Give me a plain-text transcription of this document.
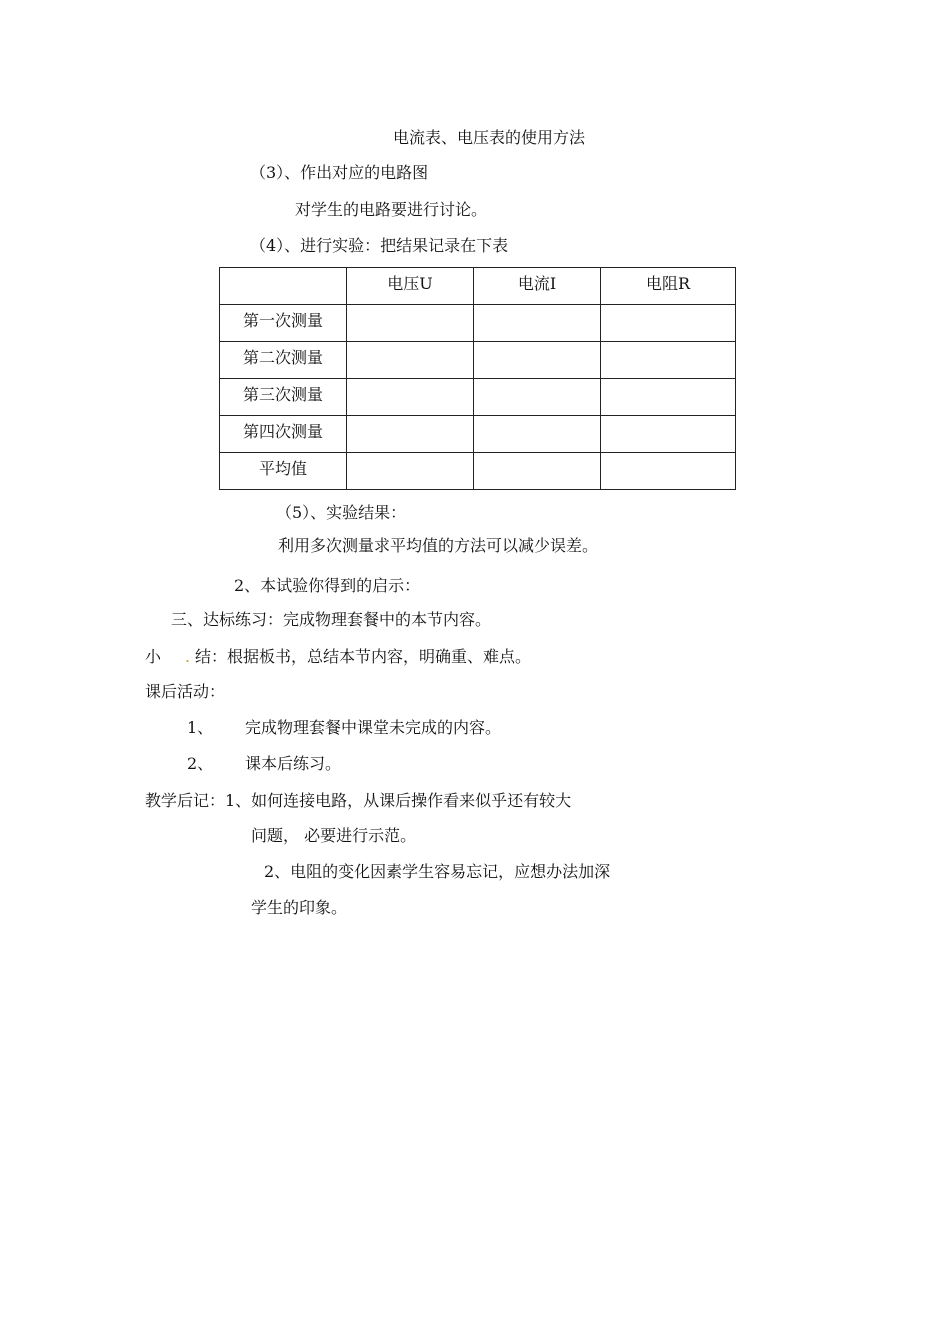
电流表、电压表的使用方法
（3）、作出对应的电路图
对学生的电路要进行讨论。
（4）、进行实验：把结果记录在下表
	电压U	电流I	电阻R
第一次测量			
第二次测量			
第三次测量			
第四次测量			
平均值			
（5）、实验结果：
利用多次测量求平均值的方法可以减少误差。
2、本试验你得到的启示：
三、达标练习：完成物理套餐中的本节内容。
小 . 结：根据板书，总结本节内容，明确重、难点。
课后活动：
1、 完成物理套餐中课堂未完成的内容。
2、 课本后练习。
教学后记：1、如何连接电路，从课后操作看来似乎还有较大
问题， 必要进行示范。
2、电阻的变化因素学生容易忘记，应想办法加深
学生的印象。
